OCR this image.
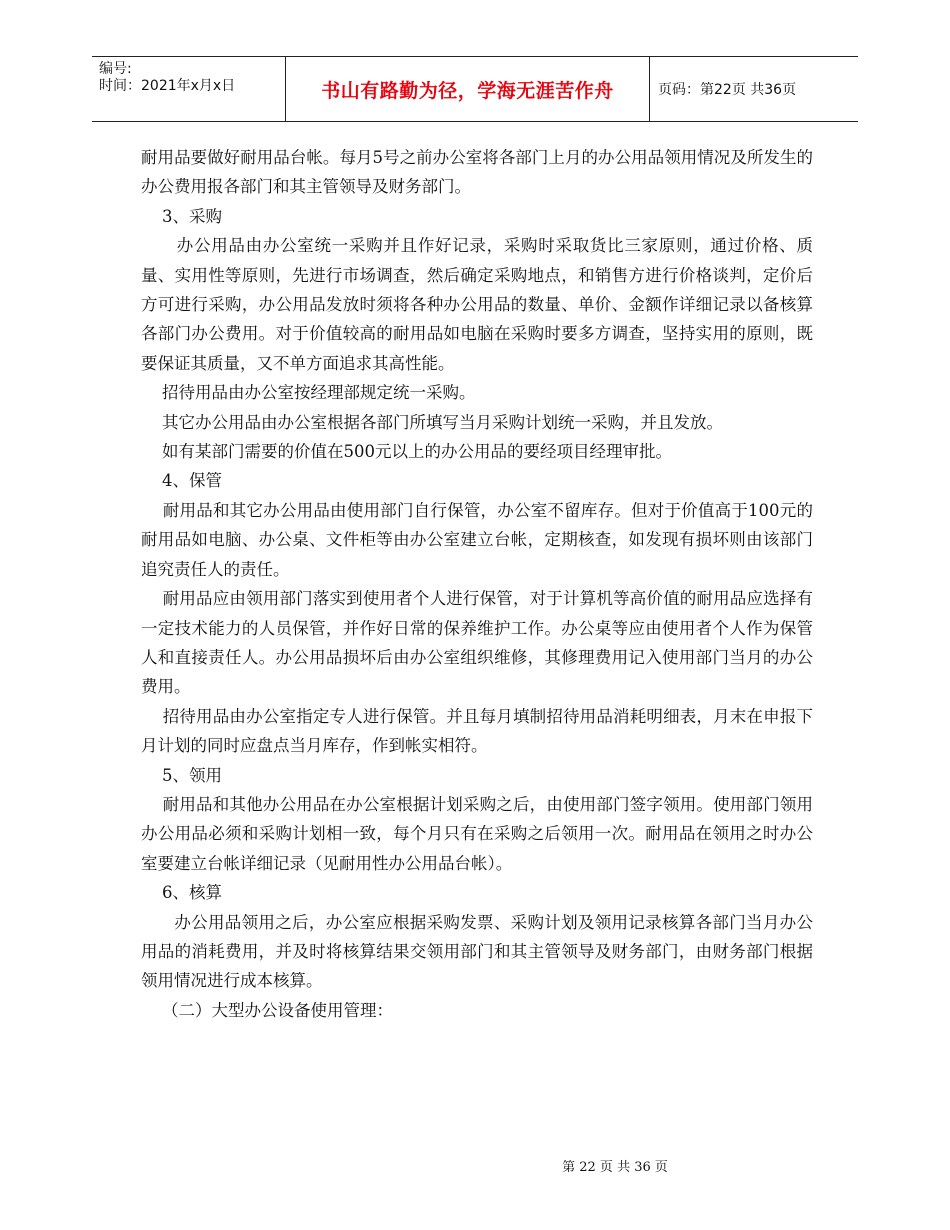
编号:
时间：2021年x月x日	书山有路勤为径，学海无涯苦作舟	页码：第22页 共36页

耐用品要做好耐用品台帐。每月5号之前办公室将各部门上月的办公用品领用情况及所发生的办公费用报各部门和其主管领导及财务部门。

3、采购

办公用品由办公室统一采购并且作好记录，采购时采取货比三家原则，通过价格、质量、实用性等原则，先进行市场调查，然后确定采购地点，和销售方进行价格谈判，定价后方可进行采购，办公用品发放时须将各种办公用品的数量、单价、金额作详细记录以备核算各部门办公费用。对于价值较高的耐用品如电脑在采购时要多方调查，坚持实用的原则，既要保证其质量，又不单方面追求其高性能。

招待用品由办公室按经理部规定统一采购。

其它办公用品由办公室根据各部门所填写当月采购计划统一采购，并且发放。

如有某部门需要的价值在500元以上的办公用品的要经项目经理审批。

4、保管

耐用品和其它办公用品由使用部门自行保管，办公室不留库存。但对于价值高于100元的耐用品如电脑、办公桌、文件柜等由办公室建立台帐，定期核查，如发现有损坏则由该部门追究责任人的责任。

耐用品应由领用部门落实到使用者个人进行保管，对于计算机等高价值的耐用品应选择有一定技术能力的人员保管，并作好日常的保养维护工作。办公桌等应由使用者个人作为保管人和直接责任人。办公用品损坏后由办公室组织维修，其修理费用记入使用部门当月的办公费用。

招待用品由办公室指定专人进行保管。并且每月填制招待用品消耗明细表，月末在申报下月计划的同时应盘点当月库存，作到帐实相符。

5、领用

耐用品和其他办公用品在办公室根据计划采购之后，由使用部门签字领用。使用部门领用办公用品必须和采购计划相一致，每个月只有在采购之后领用一次。耐用品在领用之时办公室要建立台帐详细记录（见耐用性办公用品台帐）。

6、核算

办公用品领用之后，办公室应根据采购发票、采购计划及领用记录核算各部门当月办公用品的消耗费用，并及时将核算结果交领用部门和其主管领导及财务部门，由财务部门根据领用情况进行成本核算。

（二）大型办公设备使用管理：

第 22 页 共 36 页
